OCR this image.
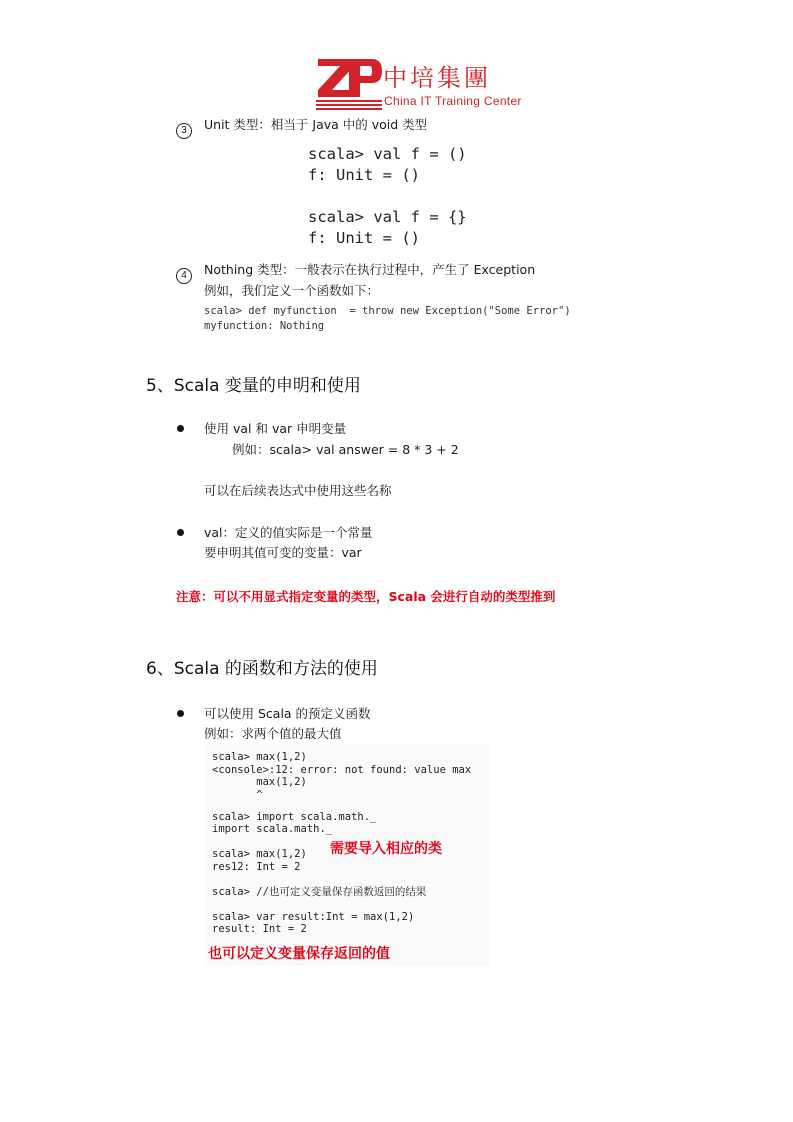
中培集團
China IT Training Center
3	Unit 类型：相当于 Java 中的 void 类型
scala> val f = ()
f: Unit = ()

scala> val f = {}
f: Unit = ()
4	Nothing 类型：一般表示在执行过程中，产生了 Exception
例如，我们定义一个函数如下：
scala> def myfunction  = throw new Exception("Some Error")
myfunction: Nothing
5、Scala 变量的申明和使用
使用 val 和 var 申明变量
例如：scala> val answer = 8 * 3 + 2
可以在后续表达式中使用这些名称
val：定义的值实际是一个常量
要申明其值可变的变量：var
注意：可以不用显式指定变量的类型，Scala 会进行自动的类型推到
6、Scala 的函数和方法的使用
可以使用 Scala 的预定义函数
例如：求两个值的最大值
scala> max(1,2)
<console>:12: error: not found: value max
max(1,2)
^

scala> import scala.math._
import scala.math._

scala> max(1,2)
res12: Int = 2

scala> //也可定义变量保存函数返回的结果

scala> var result:Int = max(1,2)
result: Int = 2
需要导入相应的类
也可以定义变量保存返回的值
